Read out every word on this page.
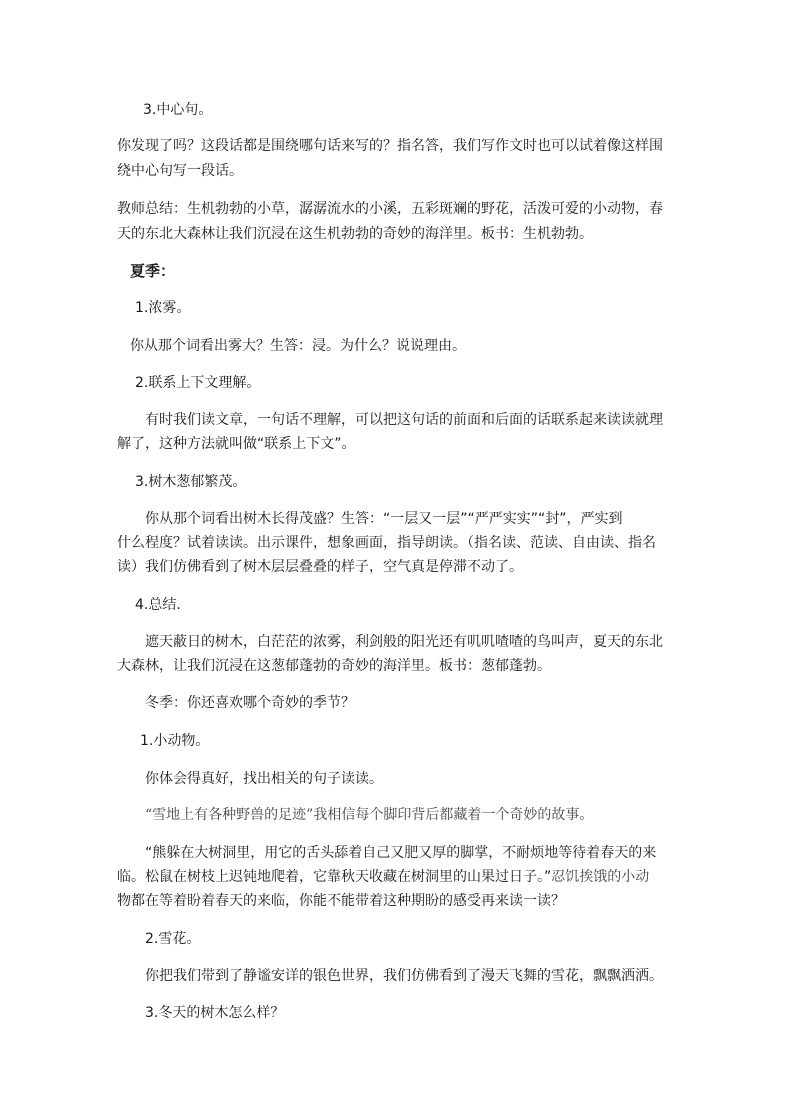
3.中心句。
你发现了吗？这段话都是围绕哪句话来写的？指名答，我们写作文时也可以试着像这样围
绕中心句写一段话。
教师总结：生机勃勃的小草，潺潺流水的小溪，五彩斑斓的野花，活泼可爱的小动物，春
天的东北大森林让我们沉浸在这生机勃勃的奇妙的海洋里。板书：生机勃勃。
夏季：
1.浓雾。
你从那个词看出雾大？生答：浸。为什么？说说理由。
2.联系上下文理解。
有时我们读文章，一句话不理解，可以把这句话的前面和后面的话联系起来读读就理
解了，这种方法就叫做“联系上下文”。
3.树木葱郁繁茂。
你从那个词看出树木长得茂盛？生答：“一层又一层”“严严实实”“封”，严实到
什么程度？试着读读。出示课件，想象画面，指导朗读。（指名读、范读、自由读、指名
读）我们仿佛看到了树木层层叠叠的样子，空气真是停滞不动了。
4.总结.
遮天蔽日的树木，白茫茫的浓雾，利剑般的阳光还有叽叽喳喳的鸟叫声，夏天的东北
大森林，让我们沉浸在这葱郁蓬勃的奇妙的海洋里。板书：葱郁蓬勃。
冬季：你还喜欢哪个奇妙的季节？
1.小动物。
你体会得真好，找出相关的句子读读。
“雪地上有各种野兽的足迹”我相信每个脚印背后都藏着一个奇妙的故事。
“熊躲在大树洞里，用它的舌头舔着自己又肥又厚的脚掌，不耐烦地等待着春天的来
临。松鼠在树枝上迟钝地爬着，它靠秋天收藏在树洞里的山果过日子。”忍饥挨饿的小动
物都在等着盼着春天的来临，你能不能带着这种期盼的感受再来读一读？
2.雪花。
你把我们带到了静谧安详的银色世界，我们仿佛看到了漫天飞舞的雪花，飘飘洒洒。
3.冬天的树木怎么样？
